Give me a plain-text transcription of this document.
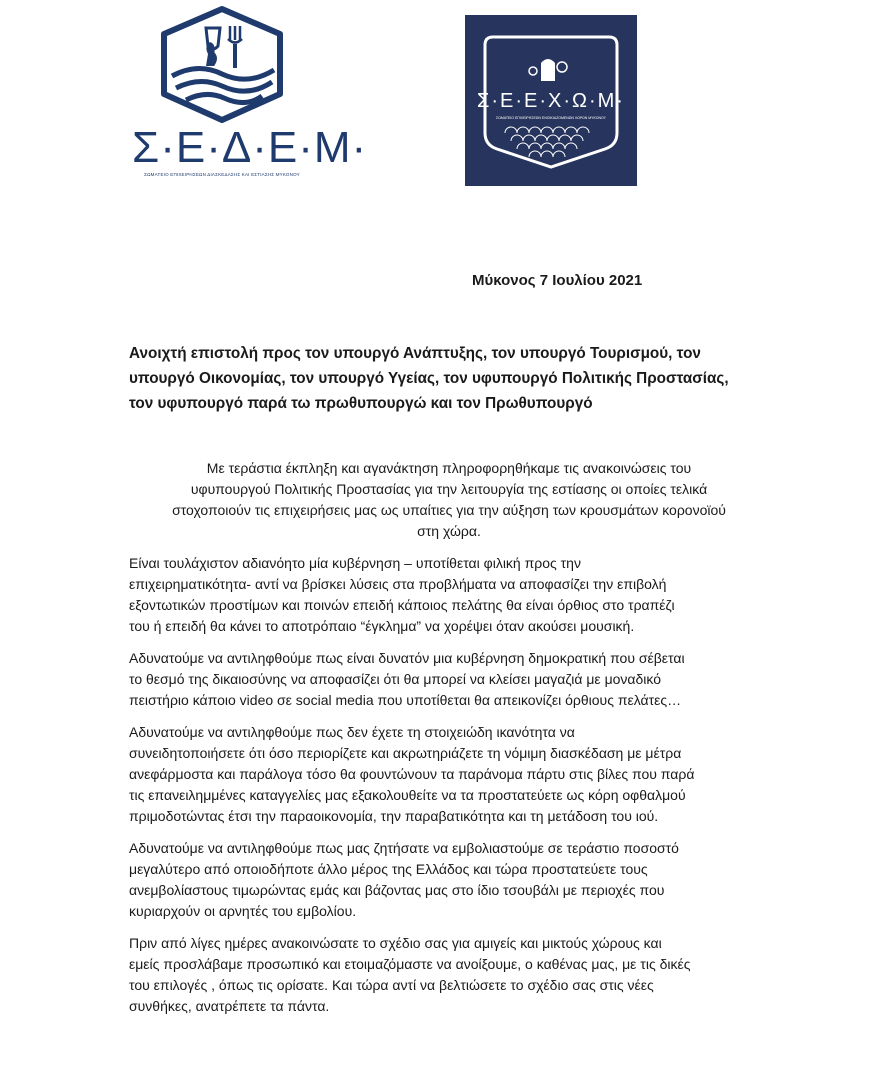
Σ·Ε·Δ·Ε·Μ·
ΣΩΜΑΤΕΙΟ ΕΠΙΧΕΙΡΗΣΕΩΝ ΔΙΑΣΚΕΔΑΣΗΣ ΚΑΙ ΕΣΤΙΑΣΗΣ ΜΥΚΟΝΟΥ
Σ·Ε·Ε·Χ·Ω·Μ·
ΣΩΜΑΤΕΙΟ ΕΠΙΧΕΙΡΗΣΕΩΝ ΕΝΟΙΚΙΑΖΟΜΕΝΩΝ ΧΩΡΩΝ ΜΥΚΟΝΟΥ
Μύκονος 7 Ιουλίου 2021
Ανοιχτή επιστολή προς τον υπουργό Ανάπτυξης, τον υπουργό Τουρισμού, τον
υπουργό Οικονομίας, τον υπουργό Υγείας, τον υφυπουργό Πολιτικής Προστασίας,
τον υφυπουργό παρά τω πρωθυπουργώ και τον Πρωθυπουργό

Με τεράστια έκπληξη και αγανάκτηση πληροφορηθήκαμε τις ανακοινώσεις του
υφυπουργού Πολιτικής Προστασίας για την λειτουργία της εστίασης οι οποίες τελικά
στοχοποιούν τις επιχειρήσεις μας ως υπαίτιες για την αύξηση των κρουσμάτων κορονοϊού
στη χώρα.

Είναι τουλάχιστον αδιανόητο μία κυβέρνηση – υποτίθεται φιλική προς την
επιχειρηματικότητα- αντί να βρίσκει λύσεις στα προβλήματα να αποφασίζει την επιβολή
εξοντωτικών προστίμων και ποινών επειδή κάποιος πελάτης θα είναι όρθιος στο τραπέζι
του ή επειδή θα κάνει το αποτρόπαιο “έγκλημα” να χορέψει όταν ακούσει μουσική.

Αδυνατούμε να αντιληφθούμε πως είναι δυνατόν μια κυβέρνηση δημοκρατική που σέβεται
το θεσμό της δικαιοσύνης να αποφασίζει ότι θα μπορεί να κλείσει μαγαζιά με μοναδικό
πειστήριο κάποιο video σε social media που υποτίθεται θα απεικονίζει όρθιους πελάτες…

Αδυνατούμε να αντιληφθούμε πως δεν έχετε τη στοιχειώδη ικανότητα να
συνειδητοποιήσετε ότι όσο περιορίζετε και ακρωτηριάζετε τη νόμιμη διασκέδαση με μέτρα
ανεφάρμοστα και παράλογα τόσο θα φουντώνουν τα παράνομα πάρτυ στις βίλες που παρά
τις επανειλημμένες καταγγελίες μας εξακολουθείτε να τα προστατεύετε ως κόρη οφθαλμού
πριμοδοτώντας έτσι την παραοικονομία, την παραβατικότητα και τη μετάδοση του ιού.

Αδυνατούμε να αντιληφθούμε πως μας ζητήσατε να εμβολιαστούμε σε τεράστιο ποσοστό
μεγαλύτερο από οποιοδήποτε άλλο μέρος της Ελλάδος και τώρα προστατεύετε τους
ανεμβολίαστους τιμωρώντας εμάς και βάζοντας μας στο ίδιο τσουβάλι με περιοχές που
κυριαρχούν οι αρνητές του εμβολίου.

Πριν από λίγες ημέρες ανακοινώσατε το σχέδιο σας για αμιγείς και μικτούς χώρους και
εμείς προσλάβαμε προσωπικό και ετοιμαζόμαστε να ανοίξουμε, ο καθένας μας, με τις δικές
του επιλογές , όπως τις ορίσατε. Και τώρα αντί να βελτιώσετε το σχέδιο σας στις νέες
συνθήκες, ανατρέπετε τα πάντα.
